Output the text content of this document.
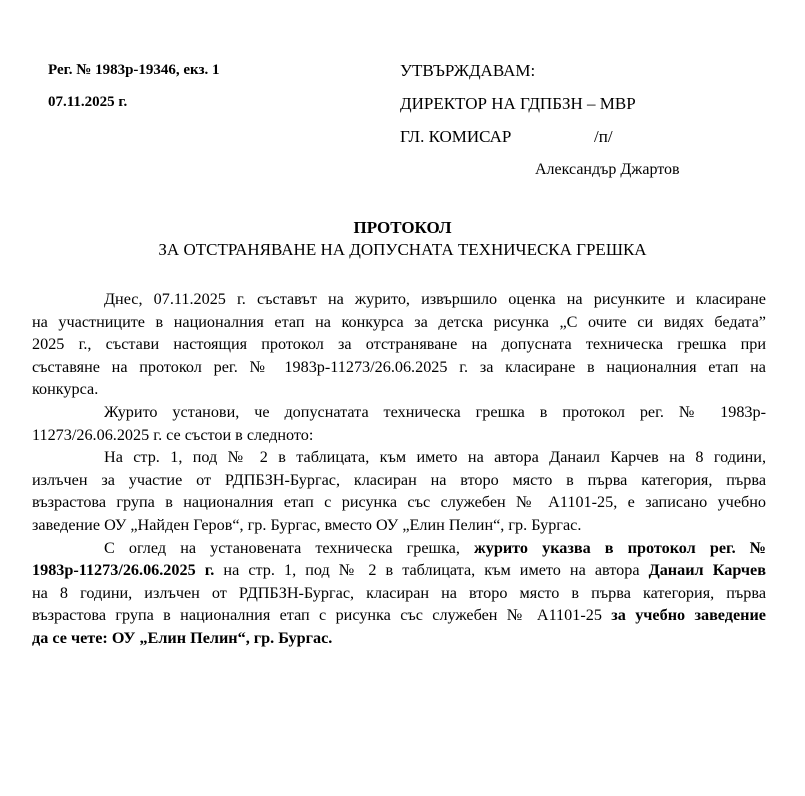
Рег. № 1983р-19346, екз. 1
07.11.2025 г.
УТВЪРЖДАВАМ:
ДИРЕКТОР НА ГДПБЗН – МВР
ГЛ. КОМИСАР	/п/
Александър Джартов
ПРОТОКОЛ
ЗА ОТСТРАНЯВАНЕ НА ДОПУСНАТА ТЕХНИЧЕСКА ГРЕШКА
Днес, 07.11.2025 г. съставът на журито, извършило оценка на рисунките и класиране
на участниците в националния етап на конкурса за детска рисунка „С очите си видях бедата”
2025 г., състави настоящия протокол за отстраняване на допусната техническа грешка при
съставяне на протокол рег. № 1983р-11273/26.06.2025 г. за класиране в националния етап на
конкурса.
Журито установи, че допуснатата техническа грешка в протокол рег. № 1983р-
11273/26.06.2025 г. се състои в следното:
На стр. 1, под № 2 в таблицата, към името на автора Данаил Карчев на 8 години,
излъчен за участие от РДПБЗН-Бургас, класиран на второ място в първа категория, първа
възрастова група в националния етап с рисунка със служебен № А1101-25, е записано учебно
заведение ОУ „Найден Геров“, гр. Бургас, вместо ОУ „Елин Пелин“, гр. Бургас.
С оглед на установената техническа грешка, журито указва в протокол рег. №
1983р-11273/26.06.2025 г. на стр. 1, под № 2 в таблицата, към името на автора Данаил Карчев
на 8 години, излъчен от РДПБЗН-Бургас, класиран на второ място в първа категория, първа
възрастова група в националния етап с рисунка със служебен № А1101-25 за учебно заведение
да се чете: ОУ „Елин Пелин“, гр. Бургас.
